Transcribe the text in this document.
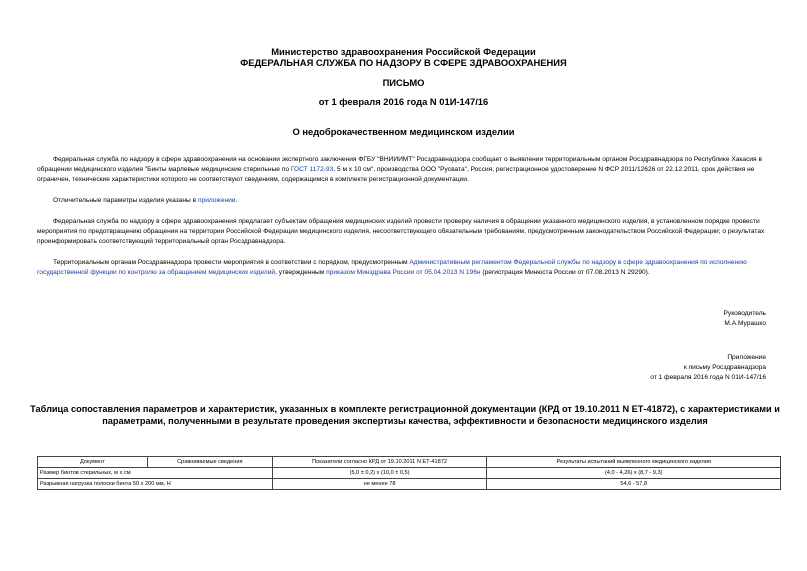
Министерство здравоохранения Российской Федерации
ФЕДЕРАЛЬНАЯ СЛУЖБА ПО НАДЗОРУ В СФЕРЕ ЗДРАВООХРАНЕНИЯ
ПИСЬМО
от 1 февраля 2016 года N 01И-147/16
О недоброкачественном медицинском изделии

Федеральная служба по надзору в сфере здравоохранения на основании экспертного заключения ФГБУ "ВНИИИМТ" Росздравнадзора сообщает о выявлении территориальным органом Росздравнадзора по Республике Хакасия в обращении медицинского изделия "Бинты марлевые медицинские стерильные по ГОСТ 1172-93, 5 м х 10 см", производства ООО "Русвата", Россия, регистрационное удостоверение N ФСР 2011/12626 от 22.12.2011, срок действия не ограничен, технические характеристики которого не соответствуют сведениям, содержащимся в комплекте регистрационной документации.

Отличительные параметры изделия указаны в приложении.

Федеральная служба по надзору в сфере здравоохранения предлагает субъектам обращения медицинских изделий провести проверку наличия в обращении указанного медицинского изделия, в установленном порядке провести мероприятия по предотвращению обращения на территории Российской Федерации медицинского изделия, несоответствующего обязательным требованиям, предусмотренным законодательством Российской Федерации; о результатах проинформировать соответствующий территориальный орган Росздравнадзора.

Территориальным органам Росздравнадзора провести мероприятия в соответствии с порядком, предусмотренным Административным регламентом Федеральной службы по надзору в сфере здравоохранения по исполнению государственной функции по контролю за обращением медицинских изделий, утвержденным приказом Минздрава России от 05.04.2013 N 196н (регистрация Минюста России от 07.08.2013 N 29290).

Руководитель
М.А.Мурашко
Приложение
к письму Росздравнадзора
от 1 февраля 2016 года N 01И-147/16
Таблица сопоставления параметров и характеристик, указанных в комплекте регистрационной документации (КРД от 19.10.2011 N ЕТ-41872), с характеристиками и параметрами, полученными в результате проведения экспертизы качества, эффективности и безопасности медицинского изделия
Документ	Сравниваемые сведения	Показатели согласно КРД от 19.10.2011 N ЕТ-41872	Результаты испытаний выявленного медицинского изделия
Размер бинтов стерильных, м х см		(5,0 ± 0,2) х (10,0 ± 0,5)	(4,0 - 4,26) х (8,7 - 9,3)
Разрывная нагрузка полоски бинта 50 х 200 мм, Н		не менее 78	54,6 - 57,8
